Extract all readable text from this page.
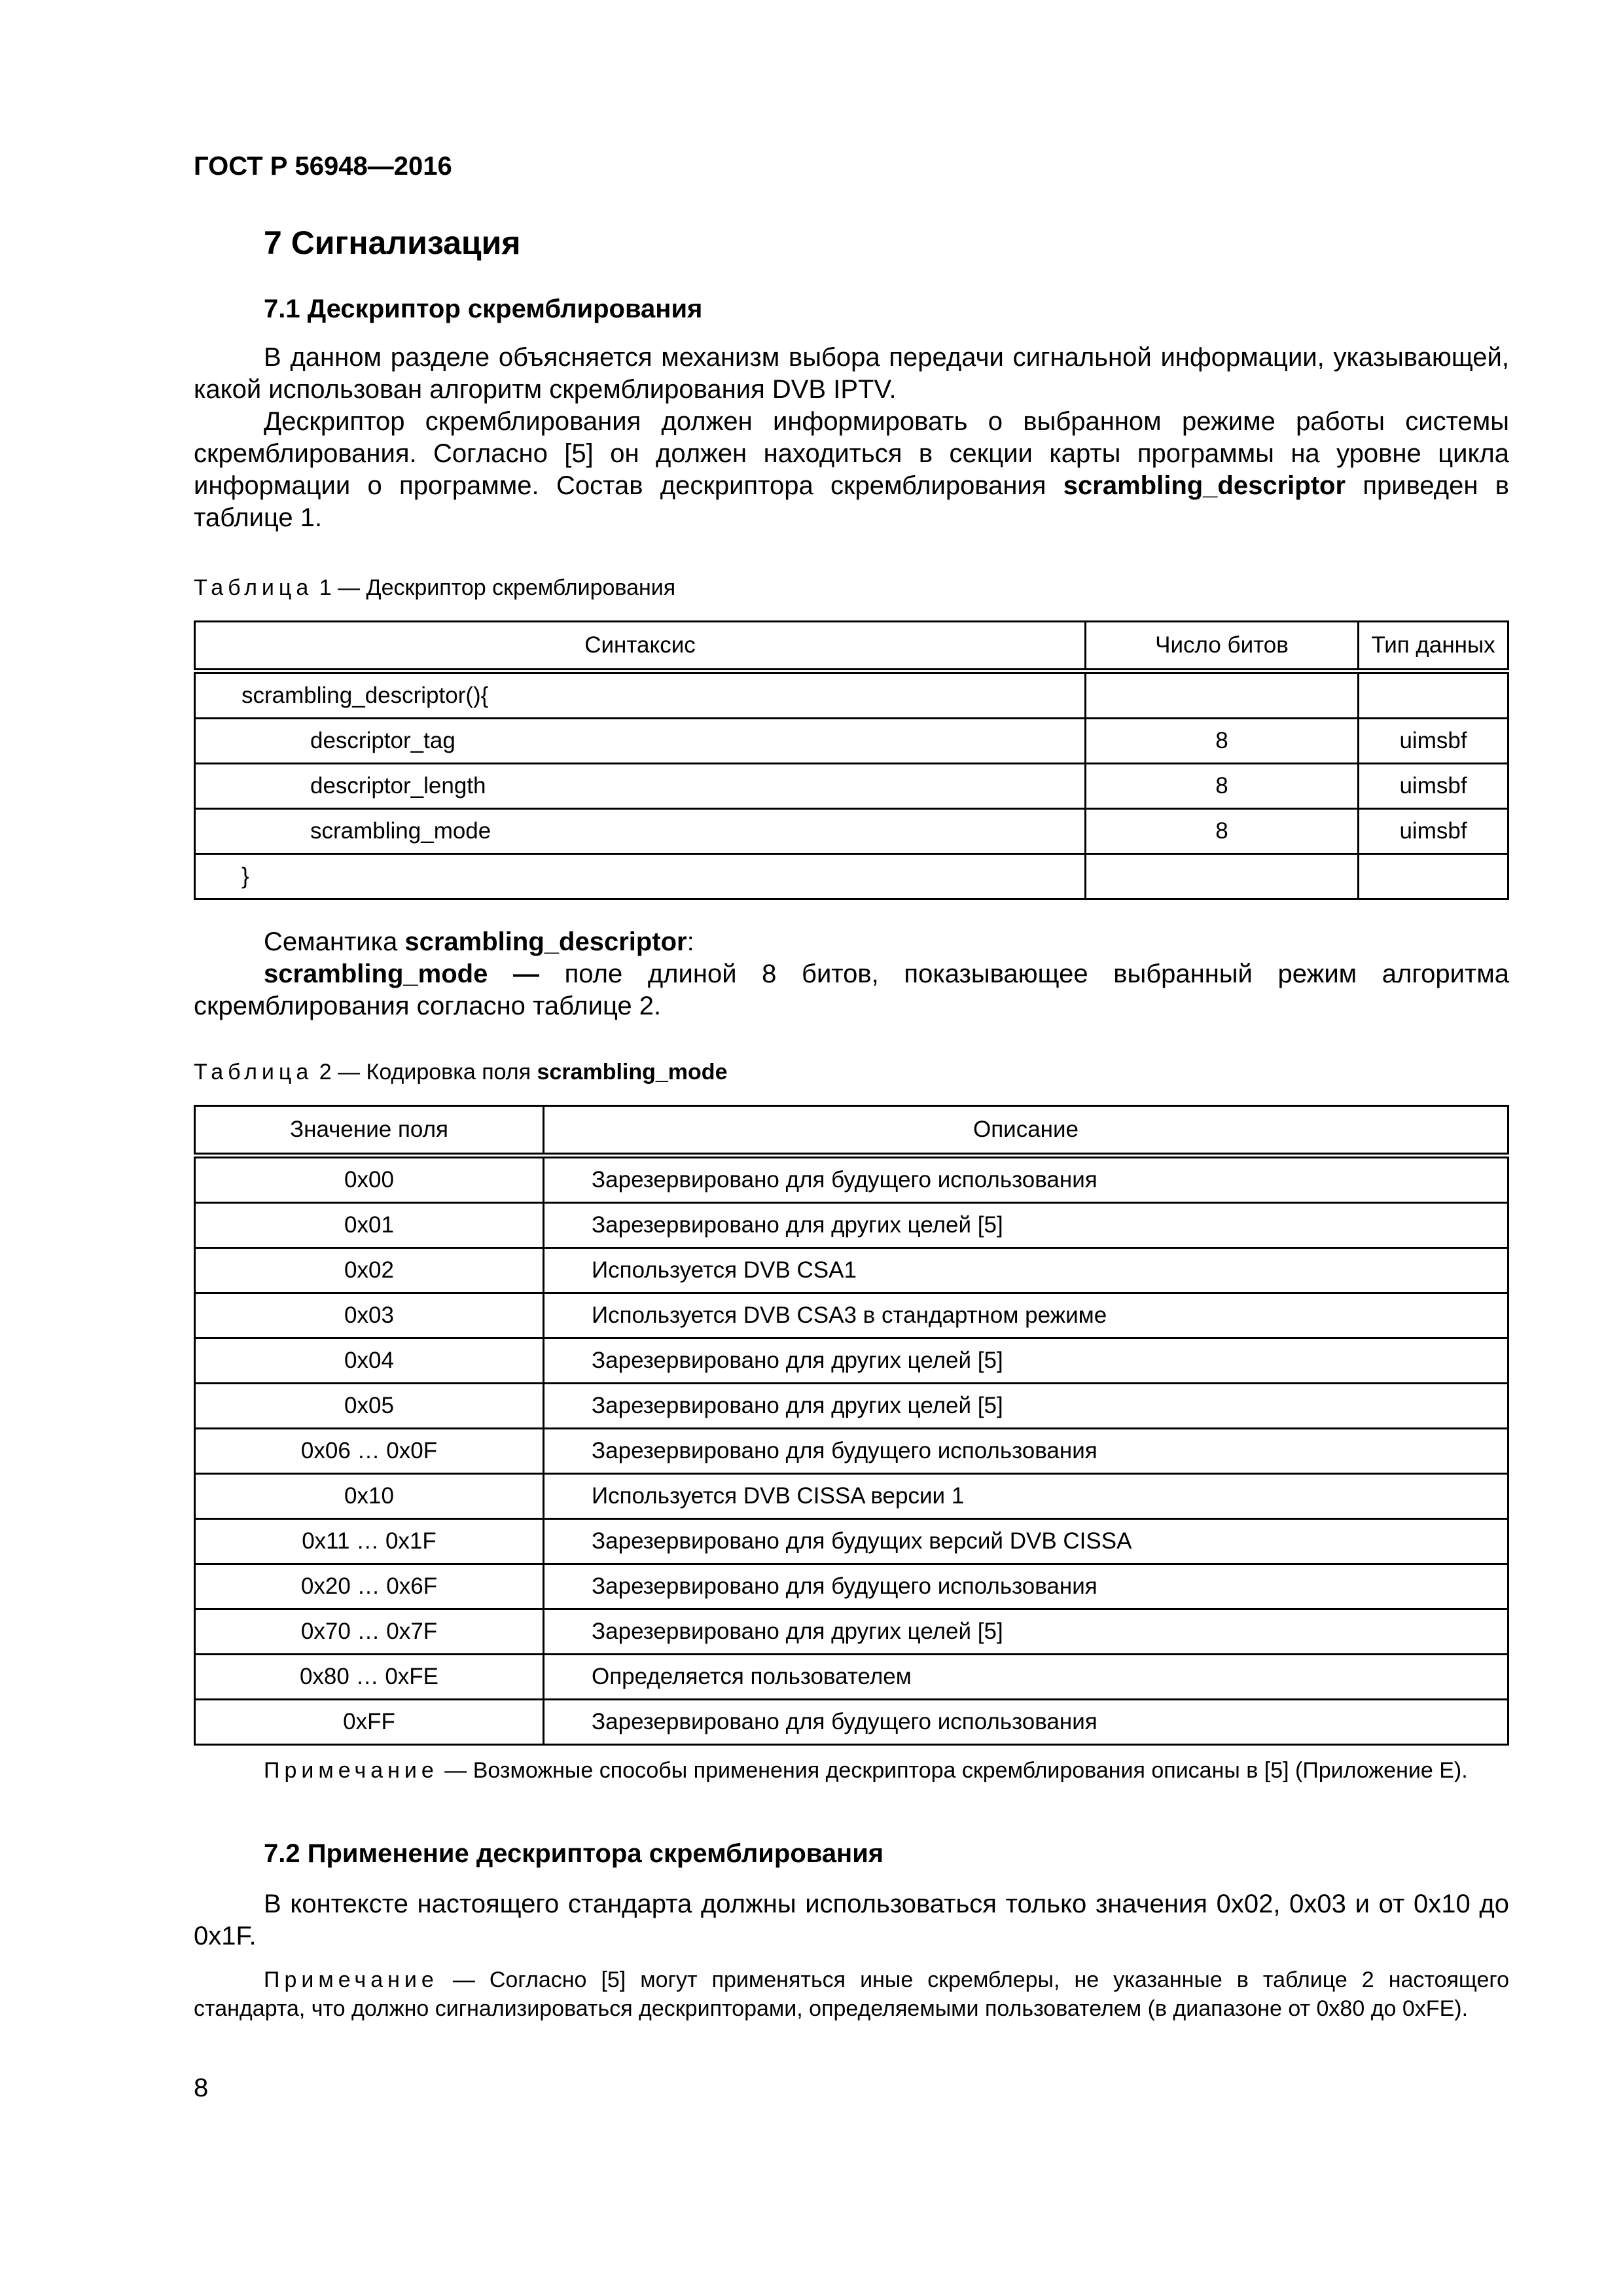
ГОСТ Р 56948—2016
7 Сигнализация
7.1 Дескриптор скремблирования
В данном разделе объясняется механизм выбора передачи сигнальной информации, указывающей, какой использован алгоритм скремблирования DVB IPTV.
Дескриптор скремблирования должен информировать о выбранном режиме работы системы скремблирования. Согласно [5] он должен находиться в секции карты программы на уровне цикла информации о программе. Состав дескриптора скремблирования scrambling_descriptor приведен в таблице 1.
Таблица 1 — Дескриптор скремблирования
Синтаксис	Число битов	Тип данных
scrambling_descriptor(){		
descriptor_tag	8	uimsbf
descriptor_length	8	uimsbf
scrambling_mode	8	uimsbf
}		
Семантика scrambling_descriptor:
scrambling_mode — поле длиной 8 битов, показывающее выбранный режим алгоритма скремблирования согласно таблице 2.
Таблица 2 — Кодировка поля scrambling_mode
Значение поля	Описание
0x00	Зарезервировано для будущего использования
0x01	Зарезервировано для других целей [5]
0x02	Используется DVB CSA1
0x03	Используется DVB CSA3 в стандартном режиме
0x04	Зарезервировано для других целей [5]
0x05	Зарезервировано для других целей [5]
0x06 … 0x0F	Зарезервировано для будущего использования
0x10	Используется DVB CISSA версии 1
0x11 … 0x1F	Зарезервировано для будущих версий DVB CISSA
0x20 … 0x6F	Зарезервировано для будущего использования
0x70 … 0x7F	Зарезервировано для других целей [5]
0x80 … 0xFE	Определяется пользователем
0xFF	Зарезервировано для будущего использования
Примечание — Возможные способы применения дескриптора скремблирования описаны в [5] (Приложение Е).
7.2 Применение дескриптора скремблирования
В контексте настоящего стандарта должны использоваться только значения 0x02, 0x03 и от 0x10 до 0x1F.
Примечание — Согласно [5] могут применяться иные скремблеры, не указанные в таблице 2 настоящего стандарта, что должно сигнализироваться дескрипторами, определяемыми пользователем (в диапазоне от 0x80 до 0xFE).
8
